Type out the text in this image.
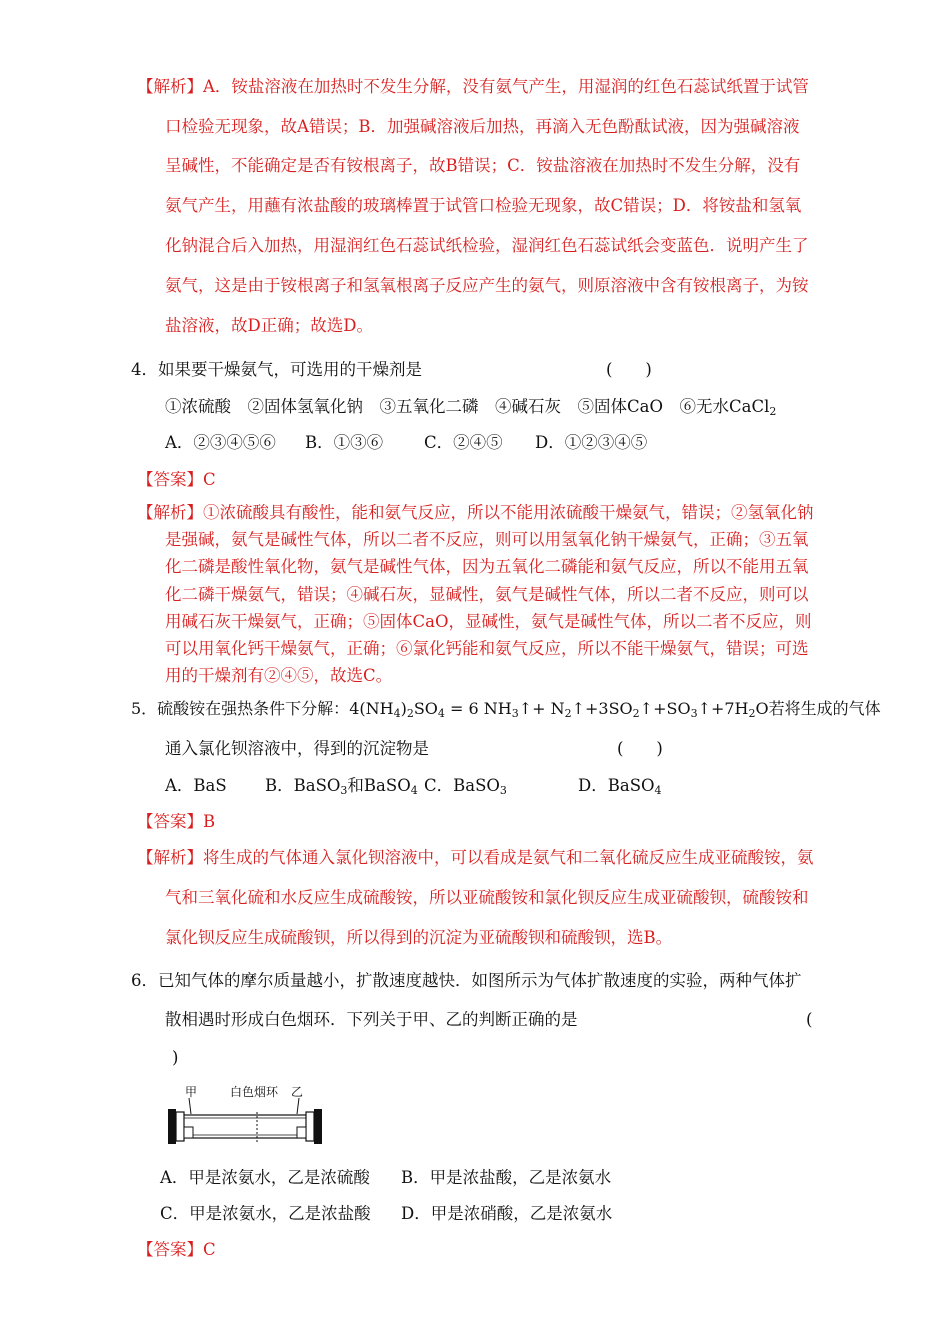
【解析】A．铵盐溶液在加热时不发生分解，没有氨气产生，用湿润的红色石蕊试纸置于试管
口检验无现象，故A错误；B．加强碱溶液后加热，再滴入无色酚酞试液，因为强碱溶液
呈碱性，不能确定是否有铵根离子，故B错误；C．铵盐溶液在加热时不发生分解，没有
氨气产生，用蘸有浓盐酸的玻璃棒置于试管口检验无现象，故C错误；D．将铵盐和氢氧
化钠混合后入加热，用湿润红色石蕊试纸检验，湿润红色石蕊试纸会变蓝色．说明产生了
氨气，这是由于铵根离子和氢氧根离子反应产生的氨气，则原溶液中含有铵根离子，为铵
盐溶液，故D正确；故选D。
4．如果要干燥氨气，可选用的干燥剂是	(　　)
①浓硫酸　②固体氢氧化钠　③五氧化二磷　④碱石灰　⑤固体CaO　⑥无水CaCl$_2$
A．②③④⑤⑥ B．①③⑥ C．②④⑤ D．①②③④⑤
【答案】C
【解析】①浓硫酸具有酸性，能和氨气反应，所以不能用浓硫酸干燥氨气，错误；②氢氧化钠
是强碱，氨气是碱性气体，所以二者不反应，则可以用氢氧化钠干燥氨气，正确；③五氧
化二磷是酸性氧化物，氨气是碱性气体，因为五氧化二磷能和氨气反应，所以不能用五氧
化二磷干燥氨气，错误；④碱石灰，显碱性，氨气是碱性气体，所以二者不反应，则可以
用碱石灰干燥氨气，正确；⑤固体CaO，显碱性，氨气是碱性气体，所以二者不反应，则
可以用氧化钙干燥氨气，正确；⑥氯化钙能和氨气反应，所以不能干燥氨气，错误；可选
用的干燥剂有②④⑤，故选C。
5．硫酸铵在强热条件下分解：$4(NH_4)_2SO_4 = 6$ $NH_3↑+$ $N_2↑+3SO_2↑+SO_3↑+7H_2O$若将生成的气体
通入氯化钡溶液中，得到的沉淀物是	(　　)
A．BaS B．BaSO$_3$和BaSO$_4$ C．BaSO$_3$	D．BaSO$_4$
【答案】B
【解析】将生成的气体通入氯化钡溶液中，可以看成是氨气和二氧化硫反应生成亚硫酸铵，氨
气和三氧化硫和水反应生成硫酸铵，所以亚硫酸铵和氯化钡反应生成亚硫酸钡，硫酸铵和
氯化钡反应生成硫酸钡，所以得到的沉淀为亚硫酸钡和硫酸钡，选B。
6．已知气体的摩尔质量越小，扩散速度越快．如图所示为气体扩散速度的实验，两种气体扩
散相遇时形成白色烟环．下列关于甲、乙的判断正确的是	(
)
甲	白色烟环 乙
A．甲是浓氨水，乙是浓硫酸 B．甲是浓盐酸，乙是浓氨水
C．甲是浓氨水，乙是浓盐酸 D．甲是浓硝酸，乙是浓氨水
【答案】C
